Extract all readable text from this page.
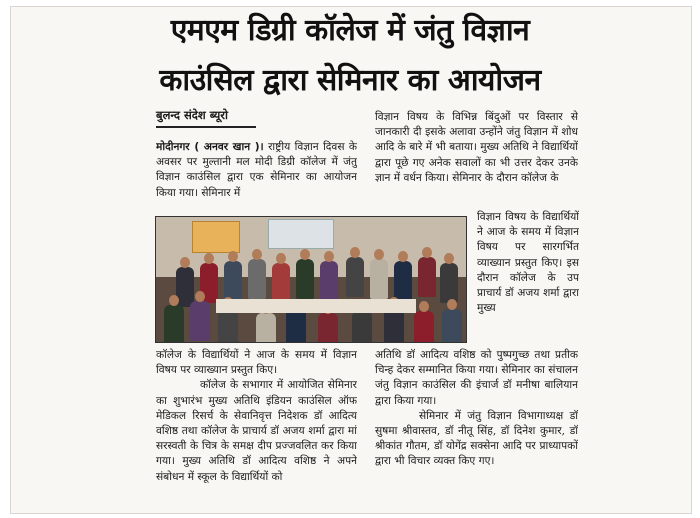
एमएम डिग्री कॉलेज में जंतु विज्ञान
काउंसिल द्वारा सेमिनार का आयोजन
बुलन्द संदेश ब्यूरो

मोदीनगर ( अनवर खान )। राष्ट्रीय विज्ञान दिवस के अवसर पर मुल्तानी मल मोदी डिग्री कॉलेज में जंतु विज्ञान काउंसिल द्वारा एक सेमिनार का आयोजन किया गया। सेमिनार में

कॉलेज के विद्यार्थियों ने आज के समय में विज्ञान विषय पर व्याख्यान प्रस्तुत किए।

कॉलेज के सभागार में आयोजित सेमिनार का शुभारंभ मुख्य अतिथि इंडियन काउंसिल ऑफ मेडिकल रिसर्च के सेवानिवृत्त निदेशक डॉ आदित्य वशिष्ठ तथा कॉलेज के प्राचार्य डॉ अजय शर्मा द्वारा मां सरस्वती के चित्र के समक्ष दीप प्रज्जवलित कर किया गया। मुख्य अतिथि डॉ आदित्य वशिष्ठ ने अपने संबोधन में स्कूल के विद्यार्थियों को

विज्ञान विषय के विभिन्न बिंदुओं पर विस्तार से जानकारी दी इसके अलावा उन्होंने जंतु विज्ञान में शोध आदि के बारे में भी बताया। मुख्य अतिथि ने विद्यार्थियों द्वारा पूछे गए अनेक सवालों का भी उत्तर देकर उनके ज्ञान में वर्धन किया। सेमिनार के दौरान कॉलेज के

विज्ञान विषय के विद्यार्थियों ने आज के समय में विज्ञान विषय पर सारगर्भित व्याख्यान प्रस्तुत किए। इस दौरान कॉलेज के उप प्राचार्य डॉ अजय शर्मा द्वारा मुख्य

अतिथि डॉ आदित्य वशिष्ठ को पुष्पगुच्छ तथा प्रतीक चिन्ह देकर सम्मानित किया गया। सेमिनार का संचालन जंतु विज्ञान काउंसिल की इंचार्ज डॉ मनीषा बालियान द्वारा किया गया।

सेमिनार में जंतु विज्ञान विभागाध्यक्ष डॉ सुषमा श्रीवास्तव, डॉ नीतू सिंह, डॉ दिनेश कुमार, डॉ श्रीकांत गौतम, डॉ योगेंद्र सक्सेना आदि पर प्राध्यापकों द्वारा भी विचार व्यक्त किए गए।
